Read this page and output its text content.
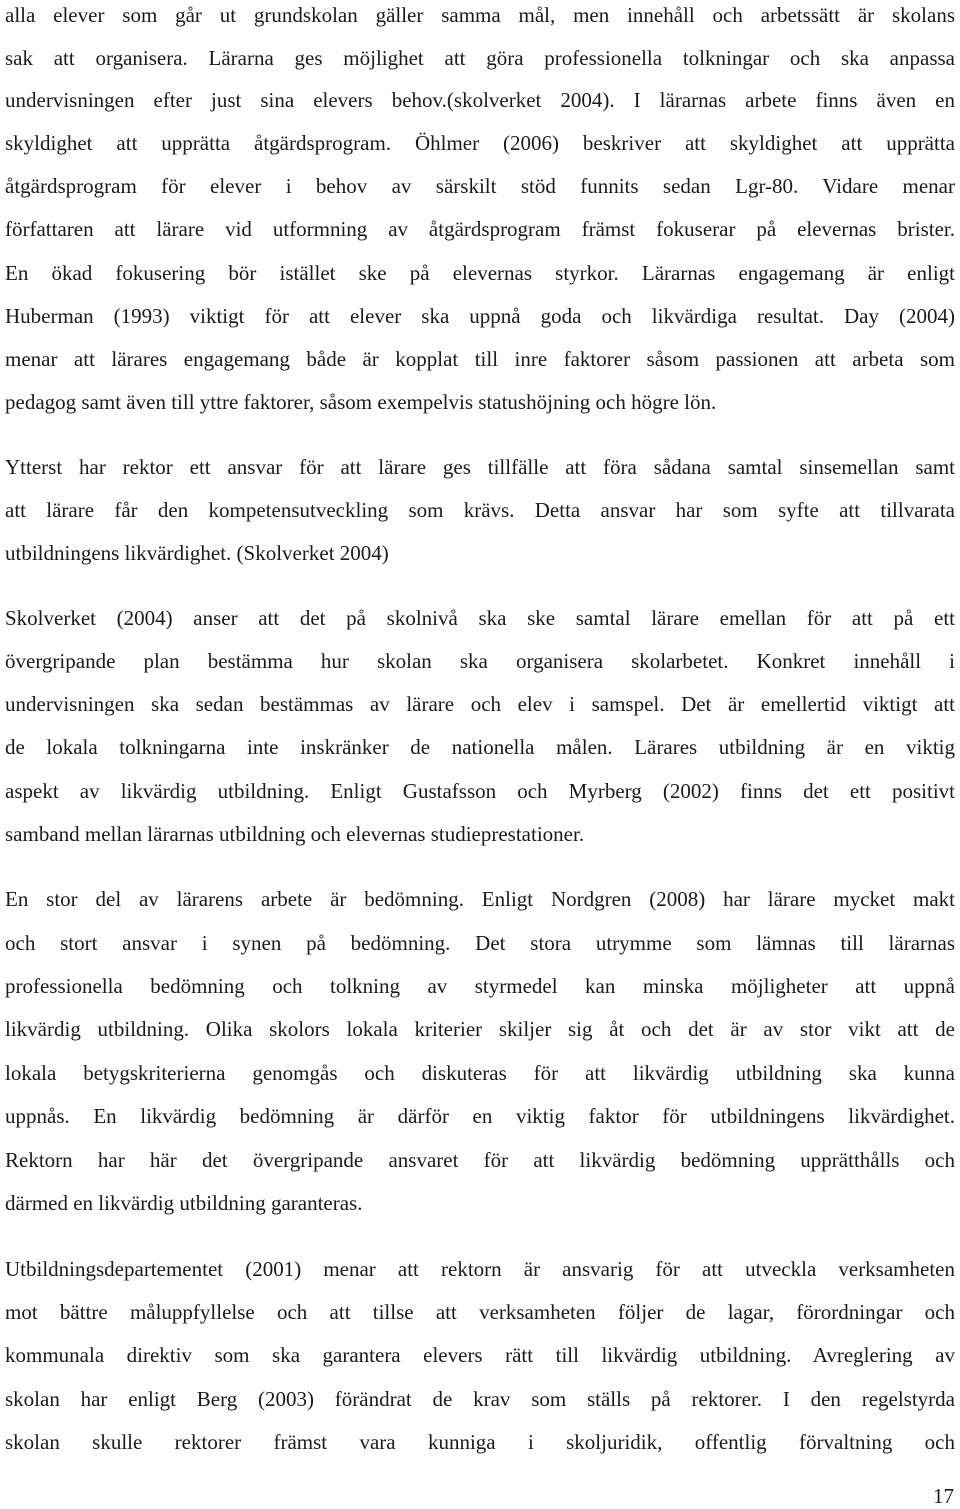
alla elever som går ut grundskolan gäller samma mål, men innehåll och arbetssätt är skolans
sak att organisera. Lärarna ges möjlighet att göra professionella tolkningar och ska anpassa
undervisningen efter just sina elevers behov.(skolverket 2004). I lärarnas arbete finns även en
skyldighet att upprätta åtgärdsprogram. Öhlmer (2006) beskriver att skyldighet att upprätta
åtgärdsprogram för elever i behov av särskilt stöd funnits sedan Lgr-80. Vidare menar
författaren att lärare vid utformning av åtgärdsprogram främst fokuserar på elevernas brister.
En ökad fokusering bör istället ske på elevernas styrkor. Lärarnas engagemang är enligt
Huberman (1993) viktigt för att elever ska uppnå goda och likvärdiga resultat. Day (2004)
menar att lärares engagemang både är kopplat till inre faktorer såsom passionen att arbeta som
pedagog samt även till yttre faktorer, såsom exempelvis statushöjning och högre lön.
Ytterst har rektor ett ansvar för att lärare ges tillfälle att föra sådana samtal sinsemellan samt
att lärare får den kompetensutveckling som krävs. Detta ansvar har som syfte att tillvarata
utbildningens likvärdighet. (Skolverket 2004)
Skolverket (2004) anser att det på skolnivå ska ske samtal lärare emellan för att på ett
övergripande plan bestämma hur skolan ska organisera skolarbetet. Konkret innehåll i
undervisningen ska sedan bestämmas av lärare och elev i samspel. Det är emellertid viktigt att
de lokala tolkningarna inte inskränker de nationella målen. Lärares utbildning är en viktig
aspekt av likvärdig utbildning. Enligt Gustafsson och Myrberg (2002) finns det ett positivt
samband mellan lärarnas utbildning och elevernas studieprestationer.
En stor del av lärarens arbete är bedömning. Enligt Nordgren (2008) har lärare mycket makt
och stort ansvar i synen på bedömning. Det stora utrymme som lämnas till lärarnas
professionella bedömning och tolkning av styrmedel kan minska möjligheter att uppnå
likvärdig utbildning. Olika skolors lokala kriterier skiljer sig åt och det är av stor vikt att de
lokala betygskriterierna genomgås och diskuteras för att likvärdig utbildning ska kunna
uppnås. En likvärdig bedömning är därför en viktig faktor för utbildningens likvärdighet.
Rektorn har här det övergripande ansvaret för att likvärdig bedömning upprätthålls och
därmed en likvärdig utbildning garanteras.
Utbildningsdepartementet (2001) menar att rektorn är ansvarig för att utveckla verksamheten
mot bättre måluppfyllelse och att tillse att verksamheten följer de lagar, förordningar och
kommunala direktiv som ska garantera elevers rätt till likvärdig utbildning. Avreglering av
skolan har enligt Berg (2003) förändrat de krav som ställs på rektorer. I den regelstyrda
skolan skulle rektorer främst vara kunniga i skoljuridik, offentlig förvaltning och
17
